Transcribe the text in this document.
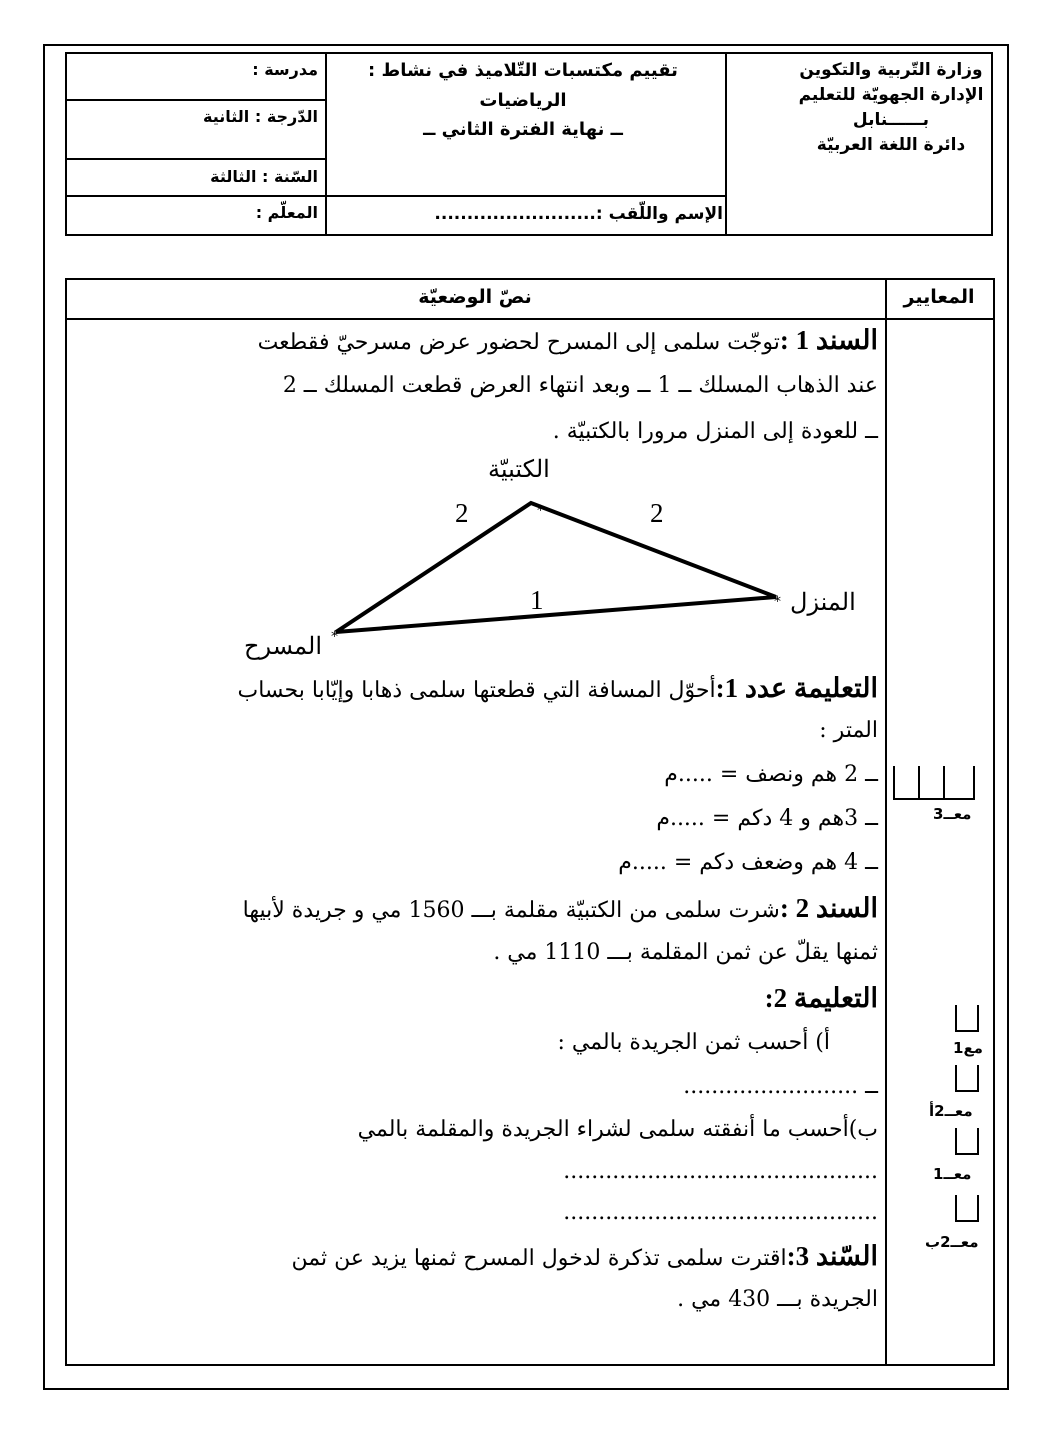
وزارة التّربية والتكوين
الإدارة الجهويّة للتعليم
بــــــنابل
دائرة اللغة العربيّة
تقييم مكتسبات التّلاميذ في نشاط :
الرياضيات
ــ نهاية الفترة الثاني ــ
الإسم واللّقب :.........................
مدرسة :
الدّرجة : الثانية
السّنة : الثالثة
المعلّم :
المعايير
نصّ الوضعيّة
السند 1 :توجّت سلمى إلى المسرح لحضور عرض مسرحيّ فقطعت
عند الذهاب المسلك ــ 1 ــ وبعد انتهاء العرض قطعت المسلك ــ 2
ــ للعودة إلى المنزل مرورا بالكتبيّة .
*
*
*
الكتبيّة
المنزل
المسرح
2	2
1
التعليمة عدد 1:أحوّل المسافة التي قطعتها سلمى ذهابا وإيّابا بحساب
المتر :
ــ 2 هم ونصف = .....م
ــ 3هم و 4 دكم = .....م
ــ 4 هم وضعف دكم = .....م
السند 2 :شرت سلمى من الكتبيّة مقلمة بـــ 1560 مي و جريدة لأبيها
ثمنها يقلّ عن ثمن المقلمة بـــ 1110 مي .
التعليمة 2:
أ) أحسب ثمن الجريدة بالمي :
ــ .........................
ب)أحسب ما أنفقته سلمى لشراء الجريدة والمقلمة بالمي
.............................................
.............................................
السّند 3:اقترت سلمى تذكرة لدخول المسرح ثمنها يزيد عن ثمن
الجريدة بـــ 430 مي .
معــ3
مع1
معــ2أ
معــ1
معــ2ب
